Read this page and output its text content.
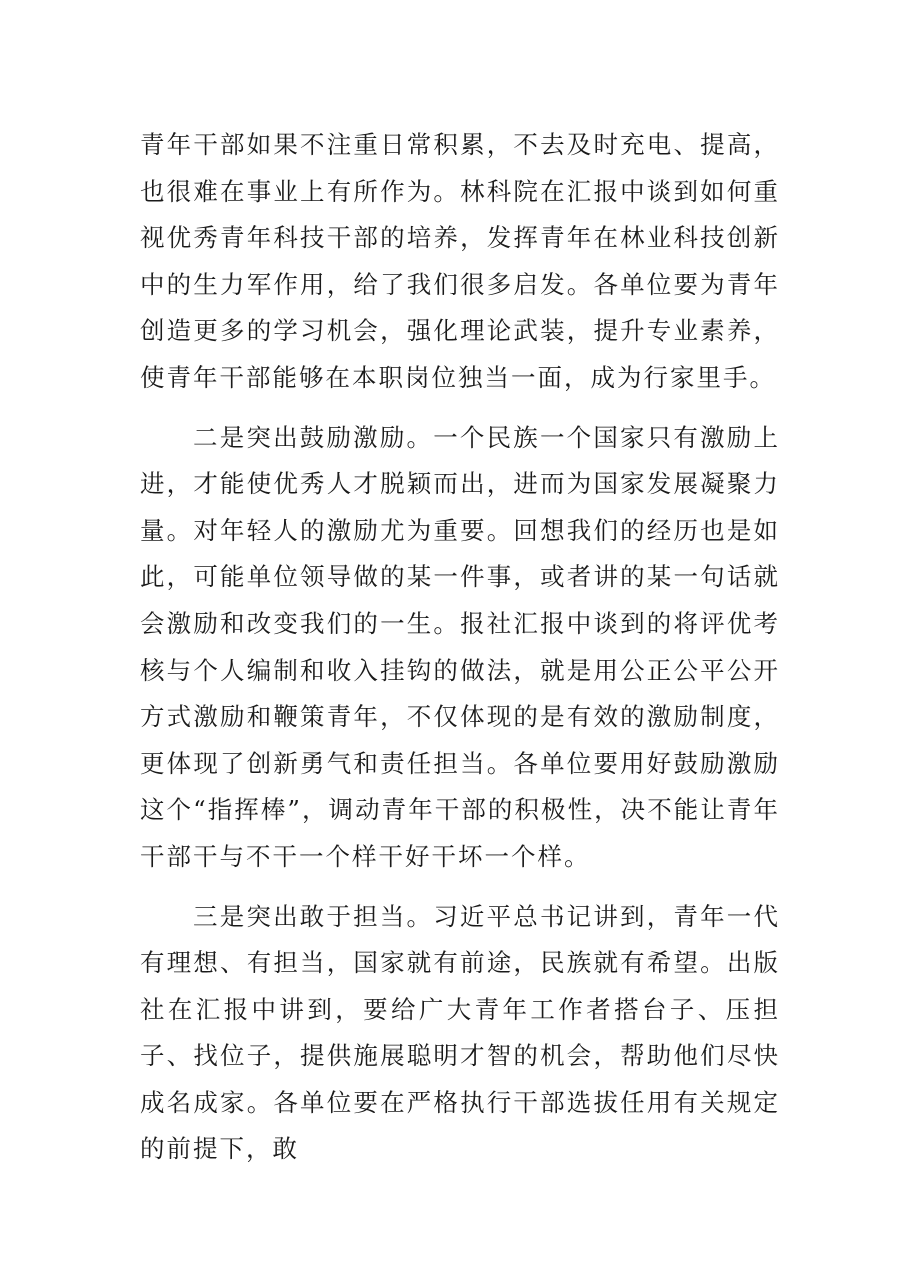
青年干部如果不注重日常积累，不去及时充电、提高，也很难在事业上有所作为。林科院在汇报中谈到如何重视优秀青年科技干部的培养，发挥青年在林业科技创新中的生力军作用，给了我们很多启发。各单位要为青年创造更多的学习机会，强化理论武装，提升专业素养，使青年干部能够在本职岗位独当一面，成为行家里手。

二是突出鼓励激励。一个民族一个国家只有激励上进，才能使优秀人才脱颖而出，进而为国家发展凝聚力量。对年轻人的激励尤为重要。回想我们的经历也是如此，可能单位领导做的某一件事，或者讲的某一句话就会激励和改变我们的一生。报社汇报中谈到的将评优考核与个人编制和收入挂钩的做法，就是用公正公平公开方式激励和鞭策青年，不仅体现的是有效的激励制度，更体现了创新勇气和责任担当。各单位要用好鼓励激励这个“指挥棒”，调动青年干部的积极性，决不能让青年干部干与不干一个样干好干坏一个样。

三是突出敢于担当。习近平总书记讲到，青年一代有理想、有担当，国家就有前途，民族就有希望。出版社在汇报中讲到，要给广大青年工作者搭台子、压担子、找位子，提供施展聪明才智的机会，帮助他们尽快成名成家。各单位要在严格执行干部选拔任用有关规定的前提下，敢
